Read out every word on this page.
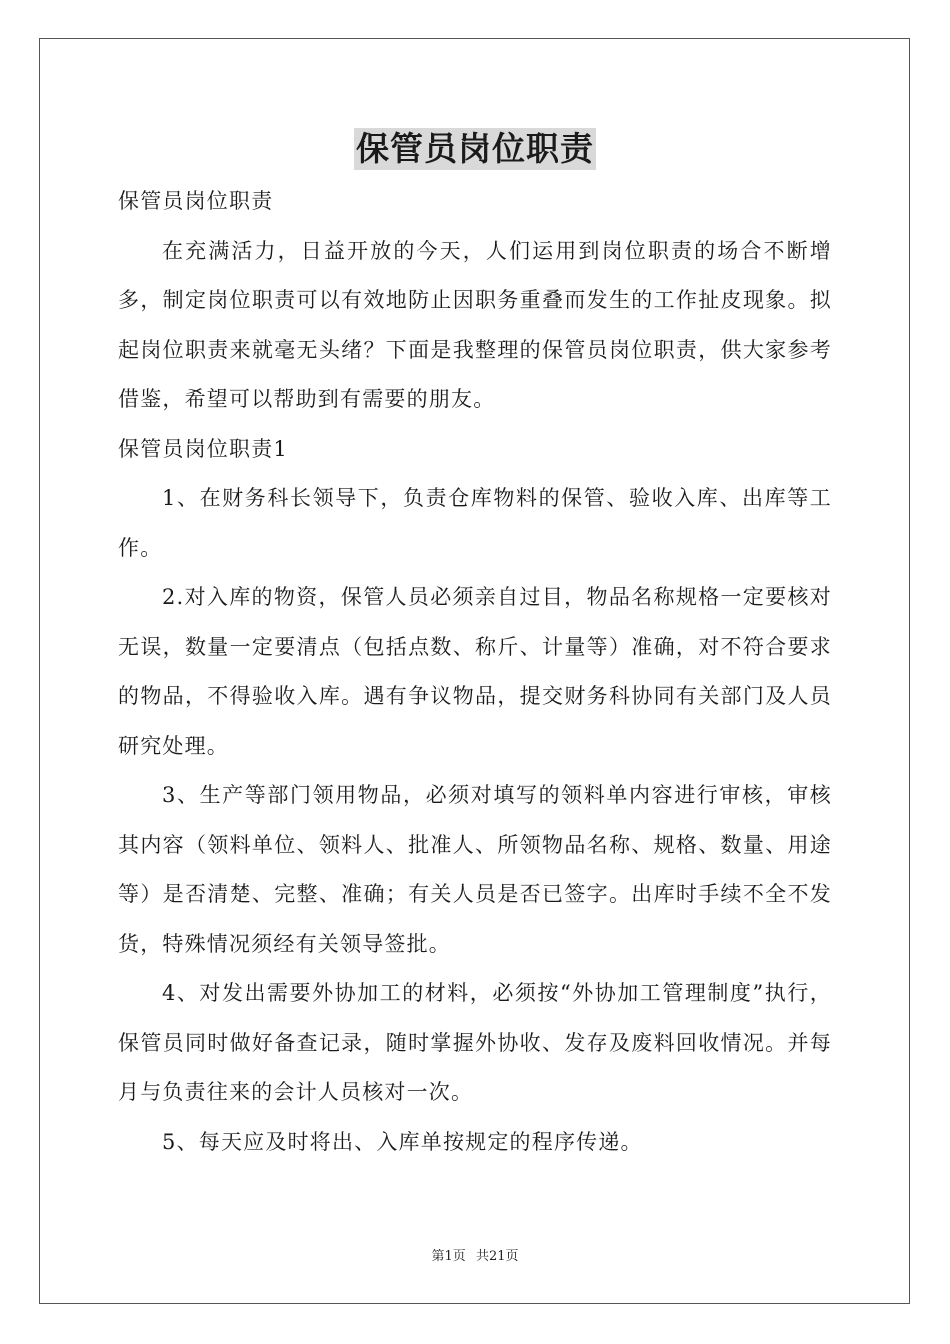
保管员岗位职责

保管员岗位职责

在充满活力，日益开放的今天，人们运用到岗位职责的场合不断增多，制定岗位职责可以有效地防止因职务重叠而发生的工作扯皮现象。拟起岗位职责来就毫无头绪？下面是我整理的保管员岗位职责，供大家参考借鉴，希望可以帮助到有需要的朋友。

保管员岗位职责1

1、在财务科长领导下，负责仓库物料的保管、验收入库、出库等工作。

2.对入库的物资，保管人员必须亲自过目，物品名称规格一定要核对无误，数量一定要清点（包括点数、称斤、计量等）准确，对不符合要求的物品，不得验收入库。遇有争议物品，提交财务科协同有关部门及人员研究处理。

3、生产等部门领用物品，必须对填写的领料单内容进行审核，审核其内容（领料单位、领料人、批准人、所领物品名称、规格、数量、用途等）是否清楚、完整、准确；有关人员是否已签字。出库时手续不全不发货，特殊情况须经有关领导签批。

4、对发出需要外协加工的材料，必须按“外协加工管理制度”执行，保管员同时做好备查记录，随时掌握外协收、发存及废料回收情况。并每月与负责往来的会计人员核对一次。

5、每天应及时将出、入库单按规定的程序传递。

第1页 共21页
